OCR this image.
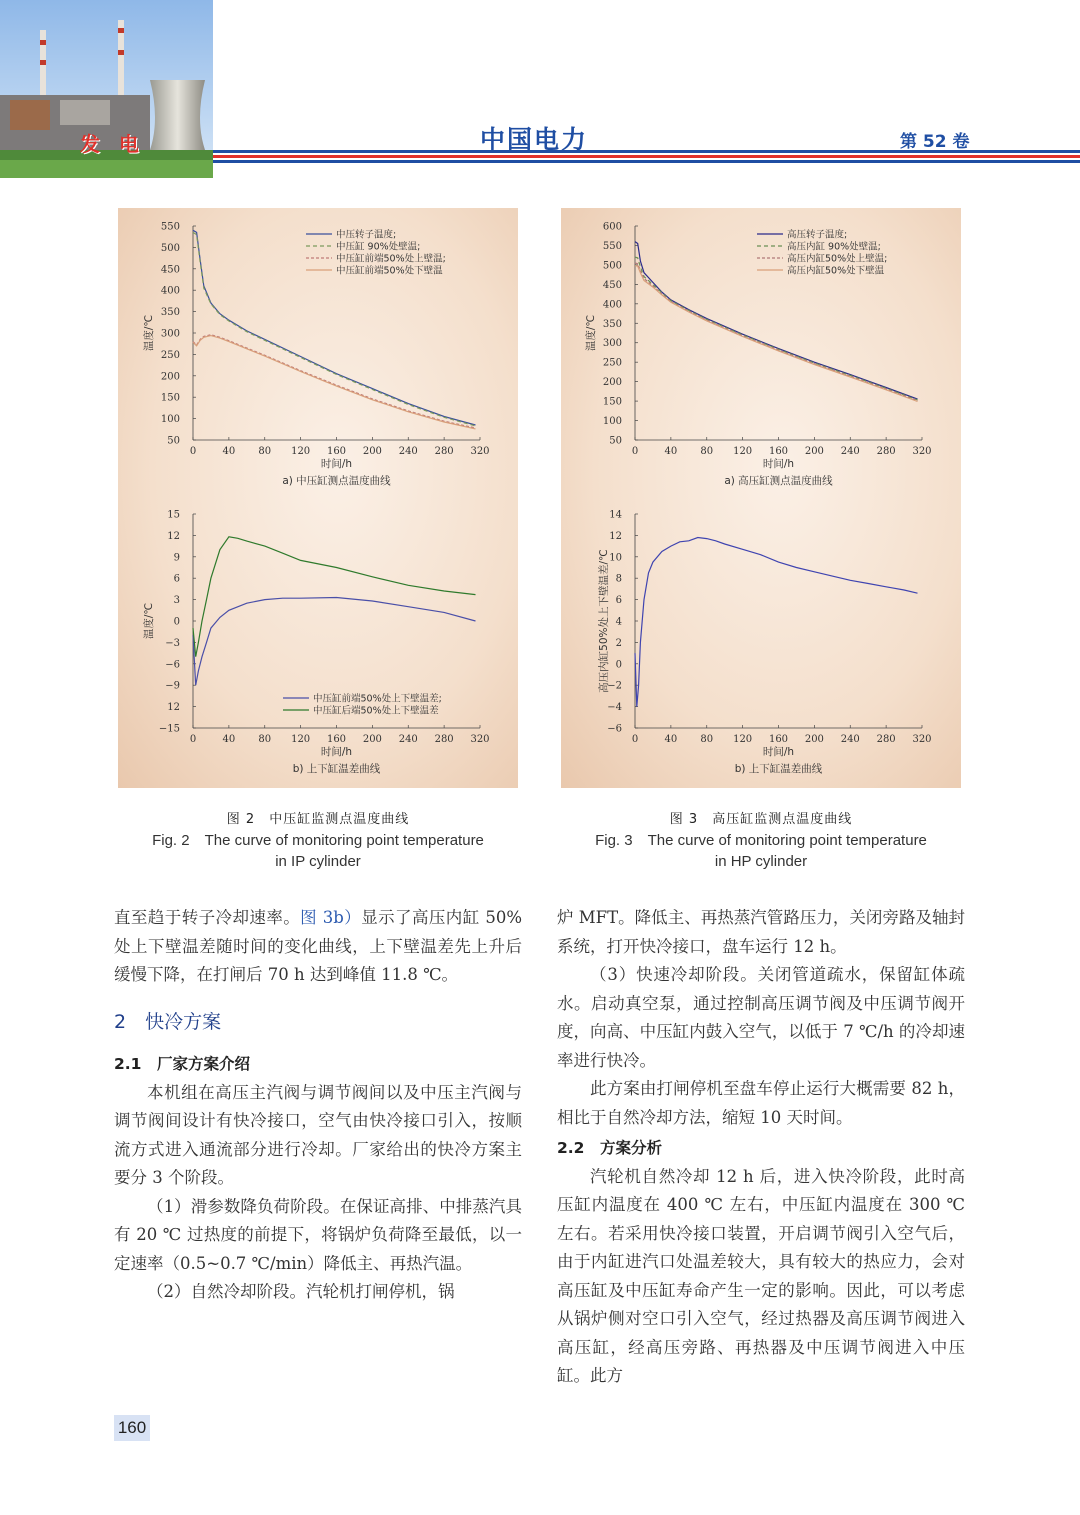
发 电	中国电力	第 52 卷
0	40 80 120 160 200 240 280 320
550
500
450
400
350
300
250
200
150
100
50
时间/h
温度/℃
a) 中压缸测点温度曲线
中压转子温度;
中压缸 90%处壁温;
中压缸前端50%处上壁温;
中压缸前端50%处下壁温
0	40 80 120 160 200 240 280 320
15
12
9
6
3
0
−3
−6
−9
12
−15
时间/h
温度/℃
b) 上下缸温差曲线
中压缸前端50%处上下壁温差;
中压缸后端50%处上下壁温差
0	40 80 120 160 200 240 280 320
600
550
500
450
400
350
300
250
200
150
100
50
时间/h
温度/℃
a) 高压缸测点温度曲线
高压转子温度;
高压内缸 90%处壁温;
高压内缸50%处上壁温;
高压内缸50%处下壁温
0	40 80 120 160 200 240 280 320
14
12
10
8
6
4
2
0
−2
−4
−6
时间/h
高压内缸50%处上下壁温差/℃
b) 上下缸温差曲线
图 2　中压缸监测点温度曲线
Fig. 2　The curve of monitoring point temperature
in IP cylinder
图 3　高压缸监测点温度曲线
Fig. 3　The curve of monitoring point temperature
in HP cylinder

直至趋于转子冷却速率。图 3b）显示了高压内缸 50% 处上下壁温差随时间的变化曲线，上下壁温差先上升后缓慢下降，在打闸后 70 h 达到峰值 11.8 ℃。

2　快冷方案
2.1　厂家方案介绍

本机组在高压主汽阀与调节阀间以及中压主汽阀与调节阀间设计有快冷接口，空气由快冷接口引入，按顺流方式进入通流部分进行冷却。厂家给出的快冷方案主要分 3 个阶段。

（1）滑参数降负荷阶段。在保证高排、中排蒸汽具有 20 ℃ 过热度的前提下，将锅炉负荷降至最低，以一定速率（0.5~0.7 ℃/min）降低主、再热汽温。

（2）自然冷却阶段。汽轮机打闸停机，锅

炉 MFT。降低主、再热蒸汽管路压力，关闭旁路及轴封系统，打开快冷接口，盘车运行 12 h。

（3）快速冷却阶段。关闭管道疏水，保留缸体疏水。启动真空泵，通过控制高压调节阀及中压调节阀开度，向高、中压缸内鼓入空气，以低于 7 ℃/h 的冷却速率进行快冷。

此方案由打闸停机至盘车停止运行大概需要 82 h，相比于自然冷却方法，缩短 10 天时间。

2.2　方案分析

汽轮机自然冷却 12 h 后，进入快冷阶段，此时高压缸内温度在 400 ℃ 左右，中压缸内温度在 300 ℃ 左右。若采用快冷接口装置，开启调节阀引入空气后，由于内缸进汽口处温差较大，具有较大的热应力，会对高压缸及中压缸寿命产生一定的影响。因此，可以考虑从锅炉侧对空口引入空气，经过热器及高压调节阀进入高压缸，经高压旁路、再热器及中压调节阀进入中压缸。此方

160
